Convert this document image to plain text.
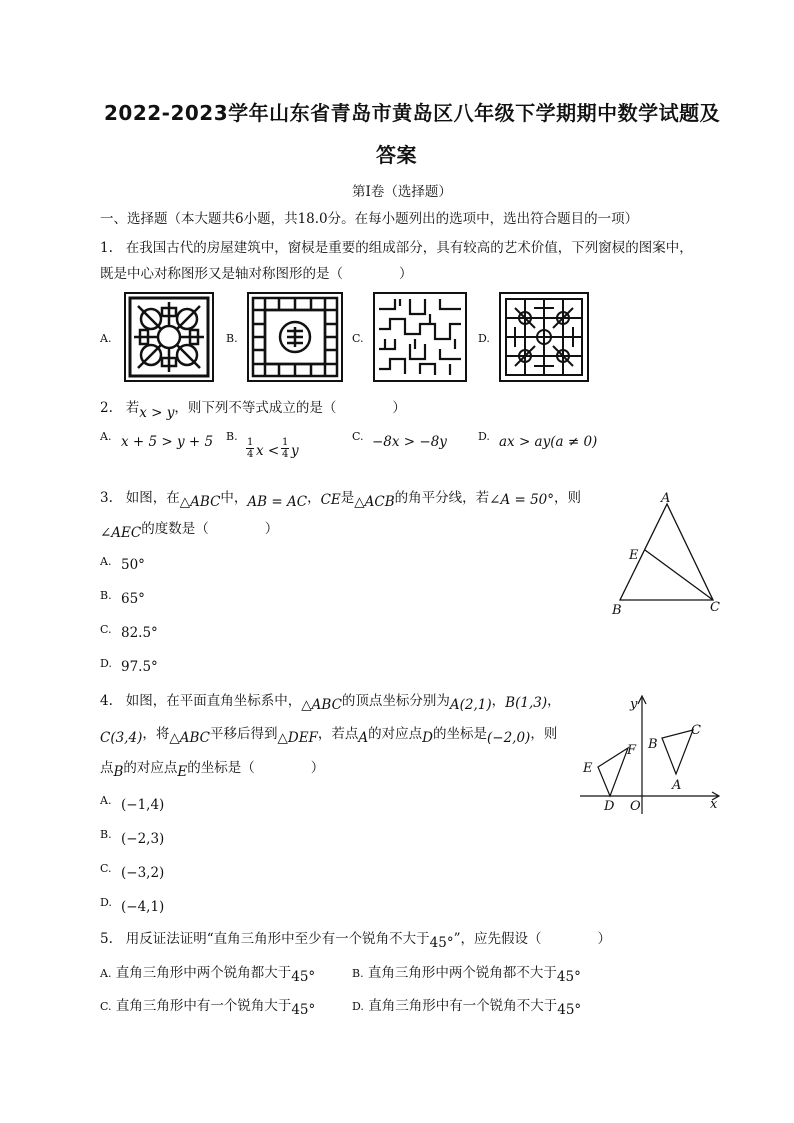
2022-2023学年山东省青岛市黄岛区八年级下学期期中数学试题及
答案
第Ⅰ卷（选择题）
一、选择题（本大题共6小题，共18.0分。在每小题列出的选项中，选出符合题目的一项）
1. 在我国古代的房屋建筑中，窗棂是重要的组成部分，具有较高的艺术价值，下列窗棂的图案中，
既是中心对称图形又是轴对称图形的是（	）
A.	B.	C.	D.
2. 若x > y，则下列不等式成立的是（	）
A. x + 5 > y + 5 B.
$\frac{1}{4}$ $x < \frac{1}{4}$ y
C. −8x > −8y	D. ax > ay(a ≠ 0)
3. 如图，在△ABC中，AB = AC，CE是△ACB的角平分线，若∠A = 50°，则
∠AEC的度数是（	）
A. 50°
B. 65°
C. 82.5°
D. 97.5°
A
B	C
E
4. 如图，在平面直角坐标系中，△ABC的顶点坐标分别为A(2,1)，B(1,3)，
C(3,4)，将△ABC平移后得到△DEF，若点A的对应点D的坐标是(−2,0)，则
点B的对应点E的坐标是（	）
A. (−1,4)
B. (−2,3)
C. (−3,2)
D. (−4,1)
y
x
O
A
B
C
D
E
F
5. 用反证法证明“直角三角形中至少有一个锐角不大于45°”，应先假设（	）
A. 直角三角形中两个锐角都大于45°	B. 直角三角形中两个锐角都不大于45°
C. 直角三角形中有一个锐角大于45°	D. 直角三角形中有一个锐角不大于45°
